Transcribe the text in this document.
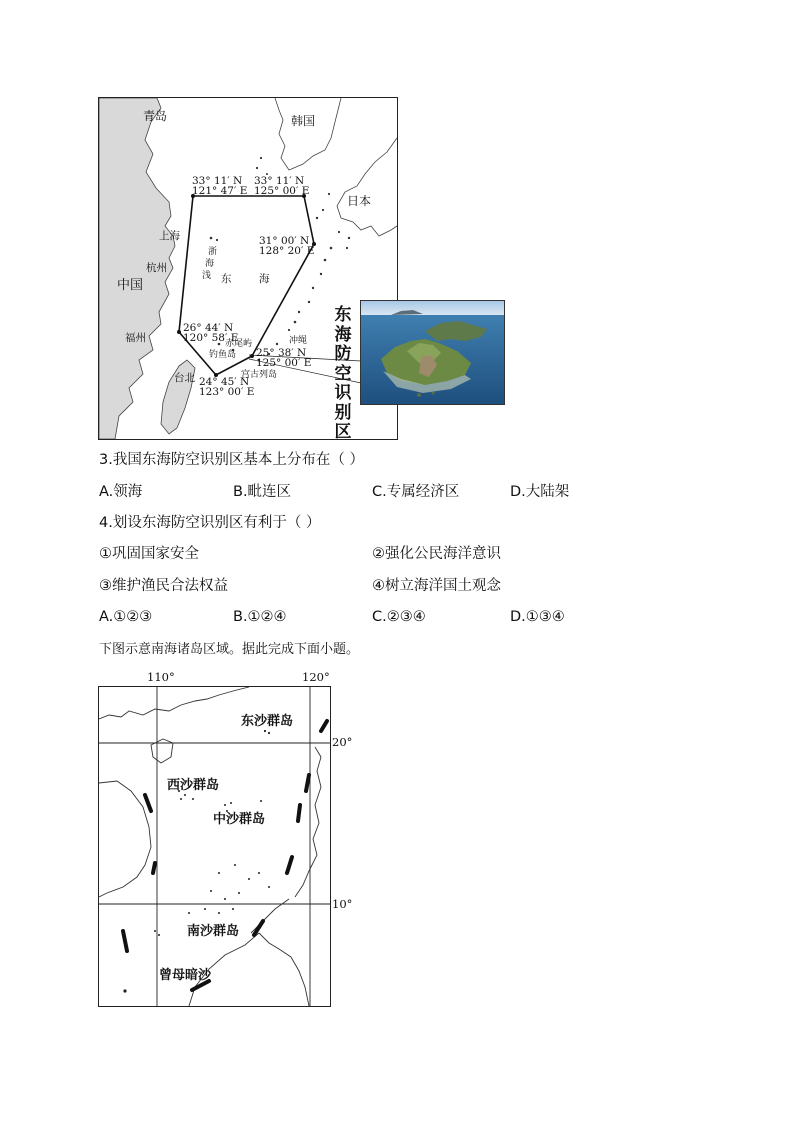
青岛	韩国
日本
中国
上海
杭州
福州
台北
东	海
浙
海
浅
赤尾屿
钓鱼岛
冲绳
宫古列岛
东海防空识别区
33° 11′ N
121° 47′ E
33° 11′ N
125° 00′ E
31° 00′ N
128° 20′ E
26° 44′ N
120° 58′ E
25° 38′ N
125° 00′ E
24° 45′ N
123° 00′ E
3.我国东海防空识别区基本上分布在（ ）
A.领海	B.毗连区	C.专属经济区	D.大陆架
4.划设东海防空识别区有利于（ ）
①巩固国家安全	②强化公民海洋意识
③维护渔民合法权益	④树立海洋国土观念
A.①②③	B.①②④	C.②③④	D.①③④
下图示意南海诸岛区域。据此完成下面小题。
110°	120°
20°
10°
东沙群岛
西沙群岛
中沙群岛
南沙群岛
曾母暗沙
